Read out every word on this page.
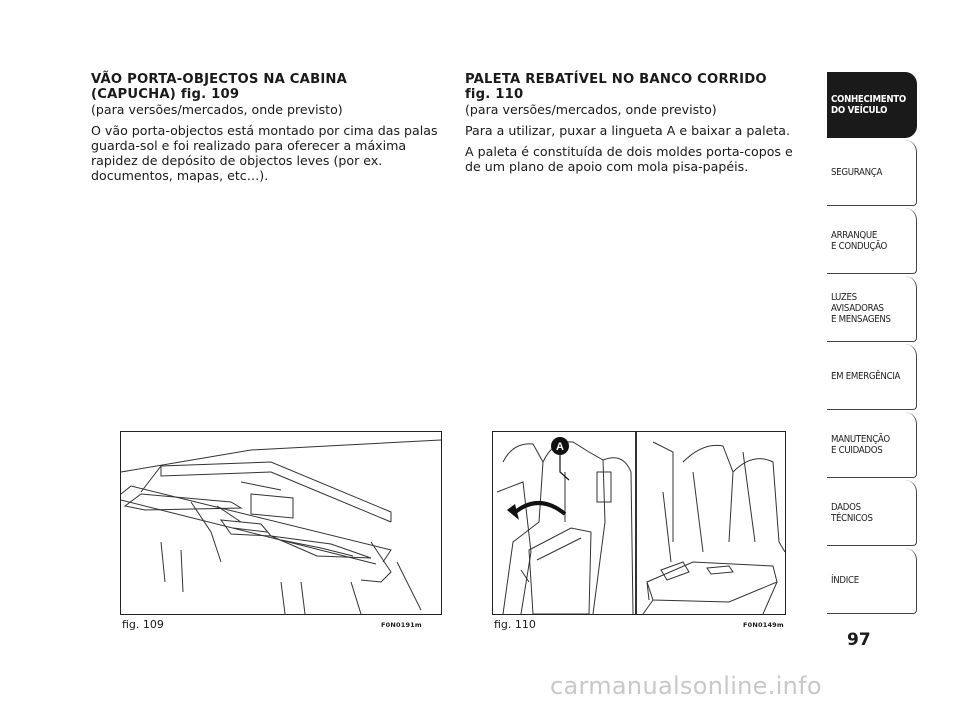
VÃO PORTA-OBJECTOS NA CABINA

(CAPUCHA) fig. 109

(para versões/mercados, onde previsto)

O vão porta-objectos está montado por cima das palas guarda-sol e foi realizado para oferecer a máxima rapidez de depósito de objectos leves (por ex. documentos, mapas, etc…).

PALETA REBATÍVEL NO BANCO CORRIDO

fig. 110

(para versões/mercados, onde previsto)

Para a utilizar, puxar a lingueta A e baixar a paleta.

A paleta é constituída de dois moldes porta-copos e de um plano de apoio com mola pisa-papéis.

fig. 109	F0N0191m
A
fig. 110	F0N0149m
CONHECIMENTO
DO VEÍCULO
SEGURANÇA
ARRANQUE
E CONDUÇÃO
LUZES
AVISADORAS
E MENSAGENS
EM EMERGÊNCIA
MANUTENÇÃO
E CUIDADOS
DADOS
TÉCNICOS
ÍNDICE
97
carmanualsonline.info
